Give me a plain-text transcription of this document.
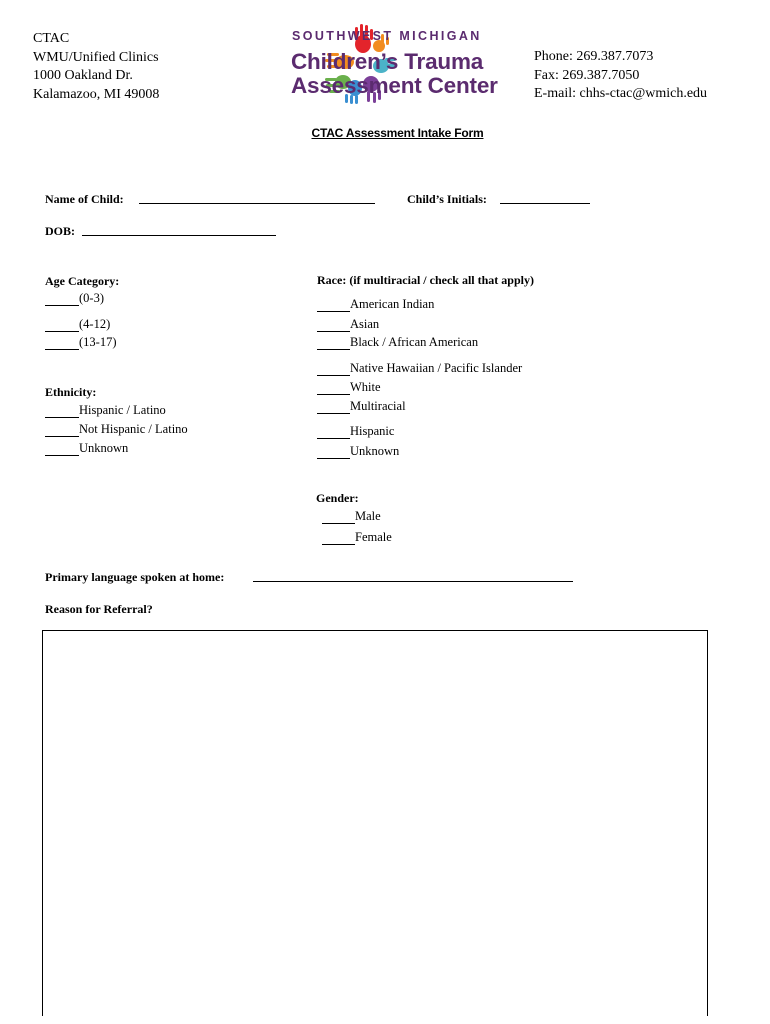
CTAC
WMU/Unified Clinics
1000 Oakland Dr.
Kalamazoo, MI 49008
SOUTHWEST MICHIGAN
Children’s Trauma
Assessment Center
Phone: 269.387.7073
Fax: 269.387.7050
E-mail: chhs-ctac@wmich.edu
CTAC Assessment Intake Form
Name of Child:	Child’s Initials:
DOB:
Age Category:
(0-3)
(4-12)
(13-17)
Ethnicity:
Hispanic / Latino
Not Hispanic / Latino
Unknown
Race: (if multiracial / check all that apply)
American Indian
Asian
Black / African American
Native Hawaiian / Pacific Islander
White
Multiracial
Hispanic
Unknown
Gender:
Male
Female
Primary language spoken at home:
Reason for Referral?
